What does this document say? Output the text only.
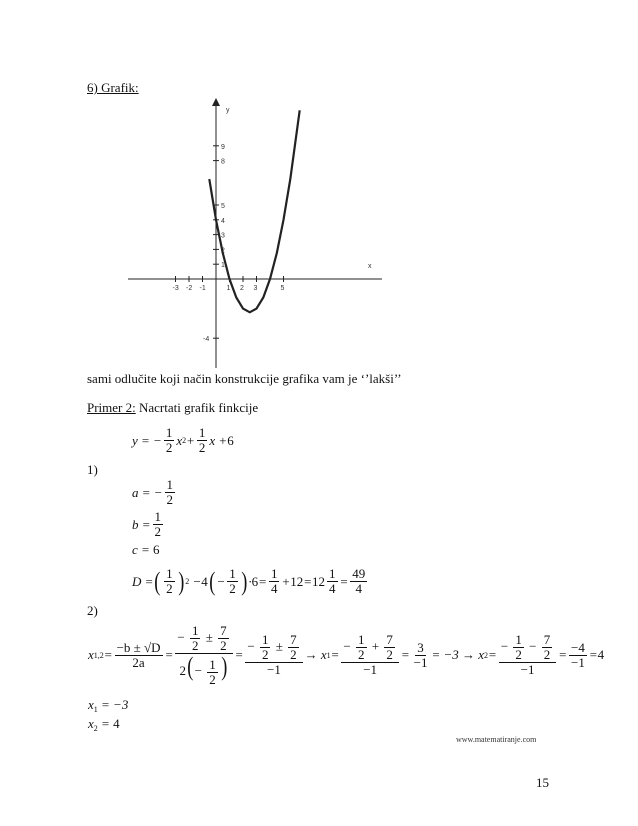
6) Grafik:
-3 -2 -1	1 2 3	5
9
8
5
4
3
2
1
-4
x
y
sami odlučite koji način konstrukcije grafika vam je ‘’lakši’’
Primer 2: Nacrtati grafik finkcije
y = − $\frac{1}{2}$ x $2 + \frac{1}{2}$ x + 6
1)
a = − $\frac{1}{2}$
$b = \frac{1}{2}$
c = 6
D = ( $\frac{1}{2}$ ) 2 − 4 ( − $\frac{1}{2}$ ) · $6 = \frac{1}{4} + 12 = 12 \frac{1}{4} = \frac{49}{4}$
2)
x $1,2 = \frac{-b \pm √D}{2a} = \frac{- \frac{1}{2} \pm \frac{7}{2}}{2(- \frac{1}{2} )} = \frac{- \frac{1}{2} \pm \frac{7}{2}}{-1} \to x$ $1 = \frac{- \frac{1}{2} + \frac{7}{2}}{-1} = \frac{3}{-1} = -3 \to x$ $2 = \frac{- \frac{1}{2} - \frac{7}{2}}{-1} = \frac{-4}{-1} = 4$
$x_1 = -3$
$x_2 = 4$
www.matematiranje.com
15
